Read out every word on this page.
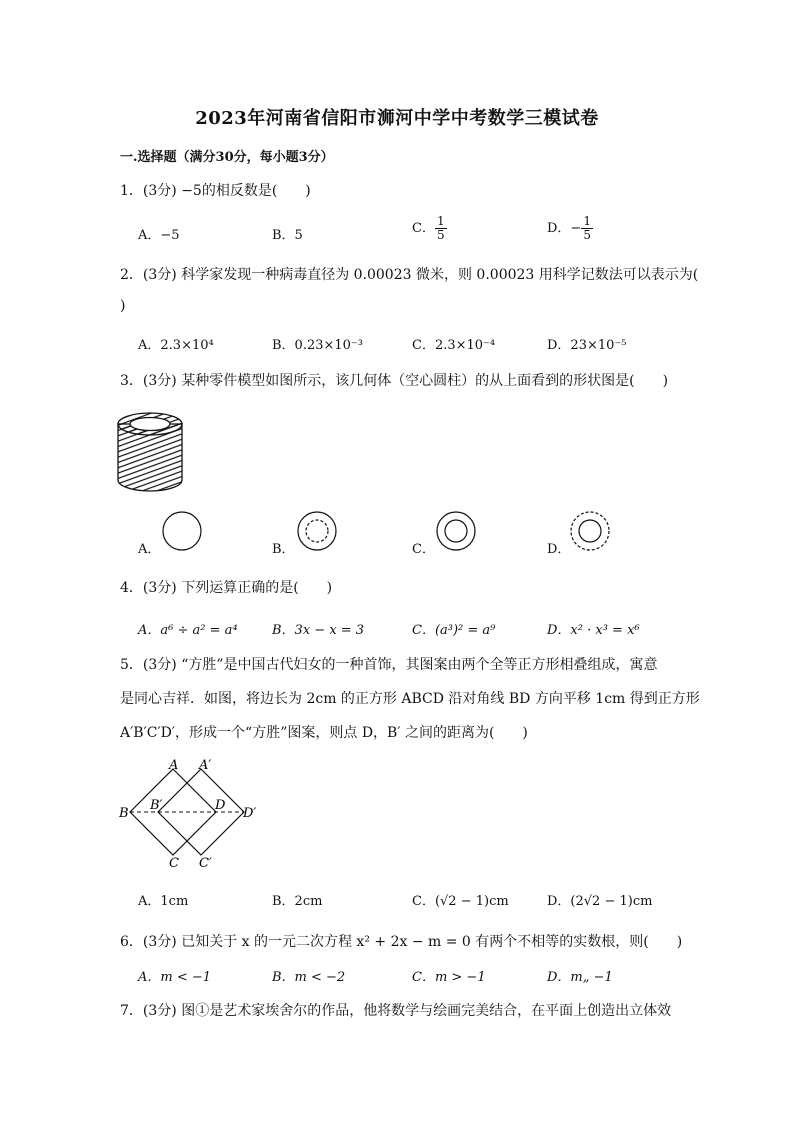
2023年河南省信阳市浉河中学中考数学三模试卷
一.选择题（满分30分，每小题3分）
1．(3分) −5的相反数是(　　)
A．−5	B．5	C． $\frac{1}{5}$	D．− $\frac{1}{5}$
2．(3分) 科学家发现一种病毒直径为 0.00023 微米，则 0.00023 用科学记数法可以表示为(
)
A．2.3×10⁴	B．0.23×10⁻³	C．2.3×10⁻⁴	D．23×10⁻⁵
3．(3分) 某种零件模型如图所示，该几何体（空心圆柱）的从上面看到的形状图是(　　)
A．	B．	C．	D．
4．(3分) 下列运算正确的是(　　)
A．a⁶ ÷ a² = a⁴	B．3x − x = 3	C．(a³)² = a⁹	D．x² · x³ = x⁶
5．(3分) “方胜”是中国古代妇女的一种首饰，其图案由两个全等正方形相叠组成，寓意
是同心吉祥．如图，将边长为 2cm 的正方形 ABCD 沿对角线 BD 方向平移 1cm 得到正方形
A′B′C′D′，形成一个“方胜”图案，则点 D，B′ 之间的距离为(　　)
A A′
B
B′	D
D′
C C′
A．1cm	B．2cm	C．(√2 − 1)cm	D．(2√2 − 1)cm
6．(3分) 已知关于 x 的一元二次方程 x² + 2x − m = 0 有两个不相等的实数根，则(　　)
A．m < −1	B．m < −2	C．m > −1	D．m„ −1
7．(3分) 图①是艺术家埃舍尔的作品，他将数学与绘画完美结合，在平面上创造出立体效
